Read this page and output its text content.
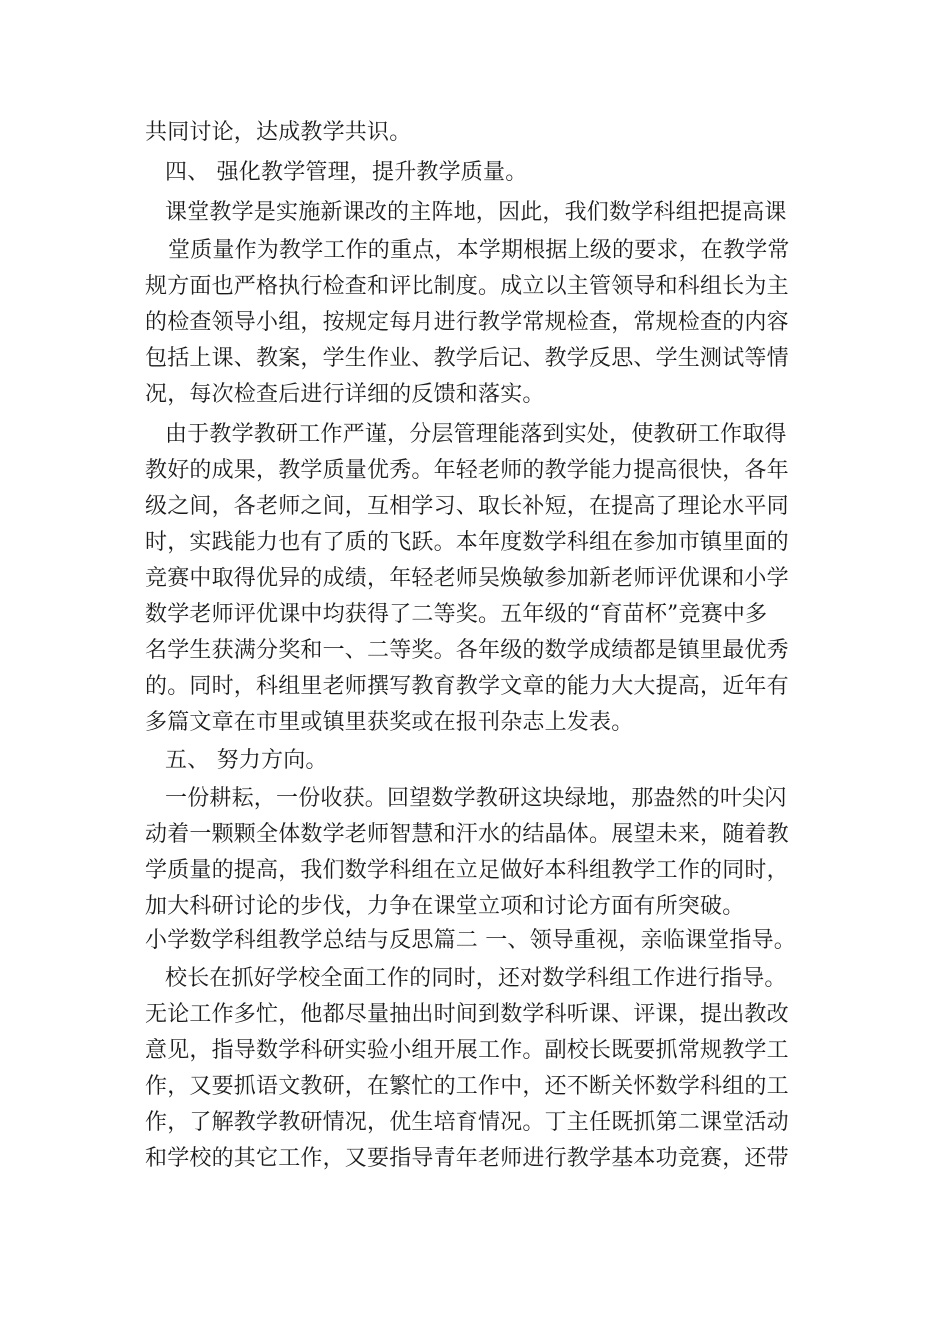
共同讨论，达成教学共识。
四、 强化教学管理，提升教学质量。
课堂教学是实施新课改的主阵地，因此，我们数学科组把提高课
堂质量作为教学工作的重点，本学期根据上级的要求，在教学常
规方面也严格执行检查和评比制度。成立以主管领导和科组长为主
的检查领导小组，按规定每月进行教学常规检查，常规检查的内容
包括上课、教案，学生作业、教学后记、教学反思、学生测试等情
况，每次检查后进行详细的反馈和落实。
由于教学教研工作严谨，分层管理能落到实处，使教研工作取得
教好的成果，教学质量优秀。年轻老师的教学能力提高很快，各年
级之间，各老师之间，互相学习、取长补短，在提高了理论水平同
时，实践能力也有了质的飞跃。本年度数学科组在参加市镇里面的
竞赛中取得优异的成绩，年轻老师吴焕敏参加新老师评优课和小学
数学老师评优课中均获得了二等奖。五年级的“育苗杯”竞赛中多
名学生获满分奖和一、二等奖。各年级的数学成绩都是镇里最优秀
的。同时，科组里老师撰写教育教学文章的能力大大提高，近年有
多篇文章在市里或镇里获奖或在报刊杂志上发表。
五、 努力方向。
一份耕耘，一份收获。回望数学教研这块绿地，那盎然的叶尖闪
动着一颗颗全体数学老师智慧和汗水的结晶体。展望未来，随着教
学质量的提高，我们数学科组在立足做好本科组教学工作的同时，
加大科研讨论的步伐，力争在课堂立项和讨论方面有所突破。
小学数学科组教学总结与反思篇二 一、领导重视，亲临课堂指导。
校长在抓好学校全面工作的同时，还对数学科组工作进行指导。
无论工作多忙，他都尽量抽出时间到数学科听课、评课，提出教改
意见，指导数学科研实验小组开展工作。副校长既要抓常规教学工
作，又要抓语文教研，在繁忙的工作中，还不断关怀数学科组的工
作，了解教学教研情况，优生培育情况。丁主任既抓第二课堂活动
和学校的其它工作，又要指导青年老师进行教学基本功竞赛，还带
